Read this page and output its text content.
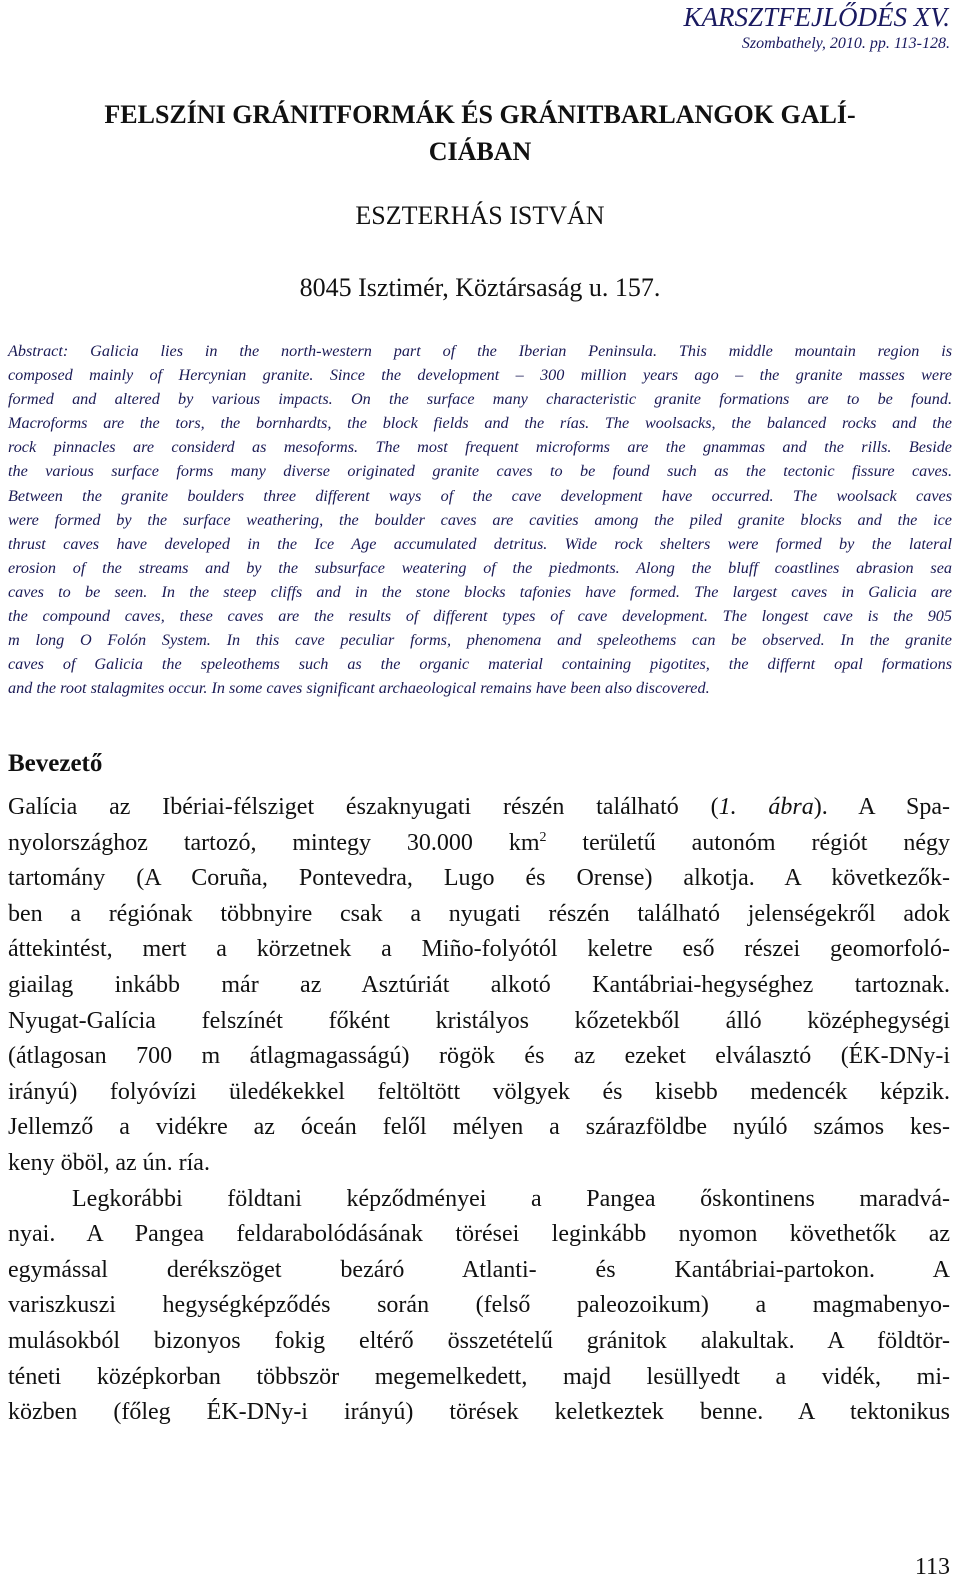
KARSZTFEJLŐDÉS XV.
Szombathely, 2010. pp. 113-128.
FELSZÍNI GRÁNITFORMÁK ÉS GRÁNITBARLANGOK GALÍ-
CIÁBAN
ESZTERHÁS ISTVÁN
8045 Isztimér, Köztársaság u. 157.

Abstract: Galicia lies in the north-western part of the Iberian Peninsula. This middle mountain region is

composed mainly of Hercynian granite. Since the development – 300 million years ago – the granite masses were

formed and altered by various impacts. On the surface many characteristic granite formations are to be found.

Macroforms are the tors, the bornhardts, the block fields and the rías. The woolsacks, the balanced rocks and the

rock pinnacles are considerd as mesoforms. The most frequent microforms are the gnammas and the rills. Beside

the various surface forms many diverse originated granite caves to be found such as the tectonic fissure caves.

Between the granite boulders three different ways of the cave development have occurred. The woolsack caves

were formed by the surface weathering, the boulder caves are cavities among the piled granite blocks and the ice

thrust caves have developed in the Ice Age accumulated detritus. Wide rock shelters were formed by the lateral

erosion of the streams and by the subsurface weatering of the piedmonts. Along the bluff coastlines abrasion sea

caves to be seen. In the steep cliffs and in the stone blocks tafonies have formed. The largest caves in Galicia are

the compound caves, these caves are the results of different types of cave development. The longest cave is the 905

m long O Folón System. In this cave peculiar forms, phenomena and speleothems can be observed. In the granite

caves of Galicia the speleothems such as the organic material containing pigotites, the differnt opal formations

and the root stalagmites occur. In some caves significant archaeological remains have been also discovered.

Bevezető

Galícia az Ibériai-félsziget északnyugati részén található (1. ábra). A Spa-

nyolországhoz tartozó, mintegy 30.000 $km^2$ területű autonóm régiót négy

tartomány (A Coruña, Pontevedra, Lugo és Orense) alkotja. A következők-

ben a régiónak többnyire csak a nyugati részén található jelenségekről adok

áttekintést, mert a körzetnek a Miño-folyótól keletre eső részei geomorfoló-

giailag inkább már az Asztúriát alkotó Kantábriai-hegységhez tartoznak.

Nyugat-Galícia felszínét főként kristályos kőzetekből álló középhegységi

(átlagosan 700 m átlagmagasságú) rögök és az ezeket elválasztó (ÉK-DNy-i

irányú) folyóvízi üledékekkel feltöltött völgyek és kisebb medencék képzik.

Jellemző a vidékre az óceán felől mélyen a szárazföldbe nyúló számos kes-

keny öböl, az ún. ría.

Legkorábbi földtani képződményei a Pangea őskontinens maradvá-

nyai. A Pangea feldarabolódásának törései leginkább nyomon követhetők az

egymással derékszöget bezáró Atlanti- és Kantábriai-partokon. A

variszkuszi hegységképződés során (felső paleozoikum) a magmabenyo-

mulásokból bizonyos fokig eltérő összetételű gránitok alakultak. A földtör-

téneti középkorban többször megemelkedett, majd lesüllyedt a vidék, mi-

közben (főleg ÉK-DNy-i irányú) törések keletkeztek benne. A tektonikus

113
